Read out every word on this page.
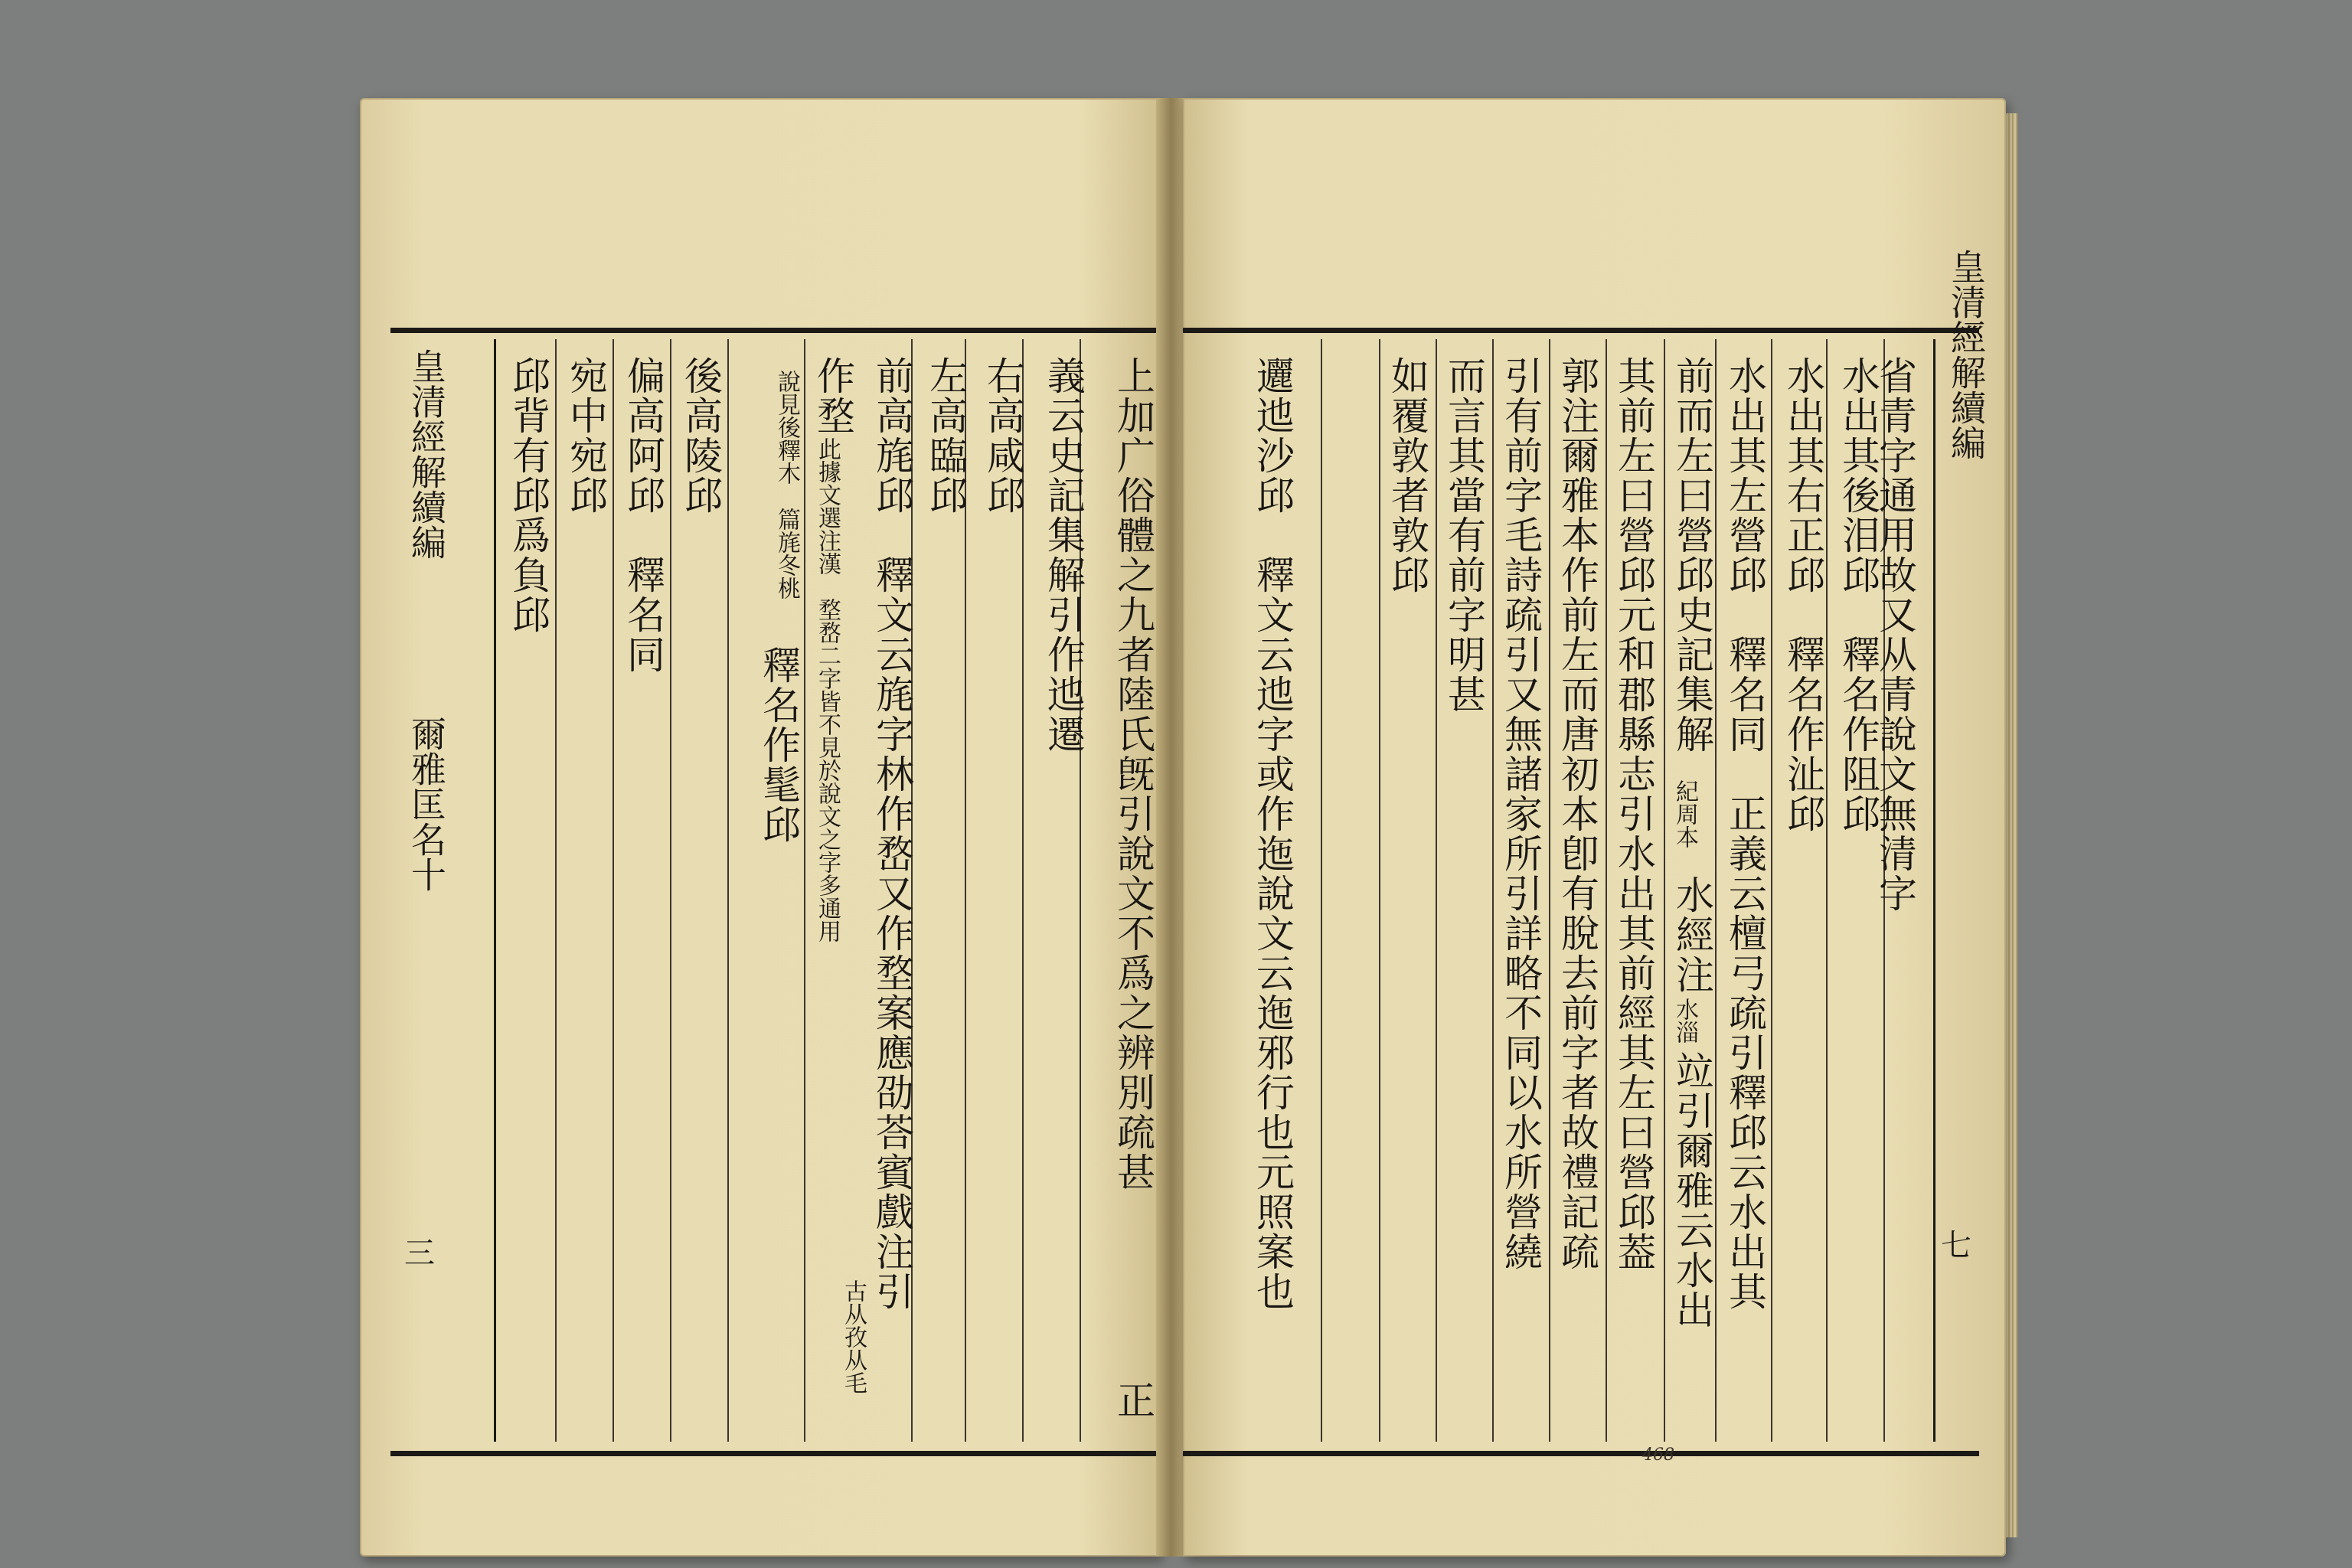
上加广俗體之九者陸氏旣引說文不爲之辨別疏甚
正
義云史記集解引作迆遷
右高咸邱
左高臨邱
前高旄邱　釋文云旄字林作嵍又作堥案應劭荅賓戲注引
作堥
此據文選注漢　堥嵍二字皆不見於說文之字多通用
古从孜从毛
說見後釋木　篇旄冬桃
釋名作髦邱
後高陵邱
偏高阿邱　釋名同
宛中宛邱
邱背有邱爲負邱
皇清經解續編
爾雅匡名十
三
皇清經解續編
七
省青字通用故又从青說文無清字
水出其後泪邱　釋名作阻邱
水出其右正邱　釋名作沚邱
水出其左營邱　釋名同　正義云檀弓疏引釋邱云水出其
前而左曰營邱史記集解
紀周本
水經注
水淄
竝引爾雅云水出
其前左曰營邱元和郡縣志引水出其前經其左曰營邱葢
郭注爾雅本作前左而唐初本卽有脫去前字者故禮記疏
引有前字毛詩疏引又無諸家所引詳略不同以水所營繞
而言其當有前字明甚
如覆敦者敦邱
邐迆沙邱　釋文云迆字或作迤說文云迤邪行也元照案也
468
